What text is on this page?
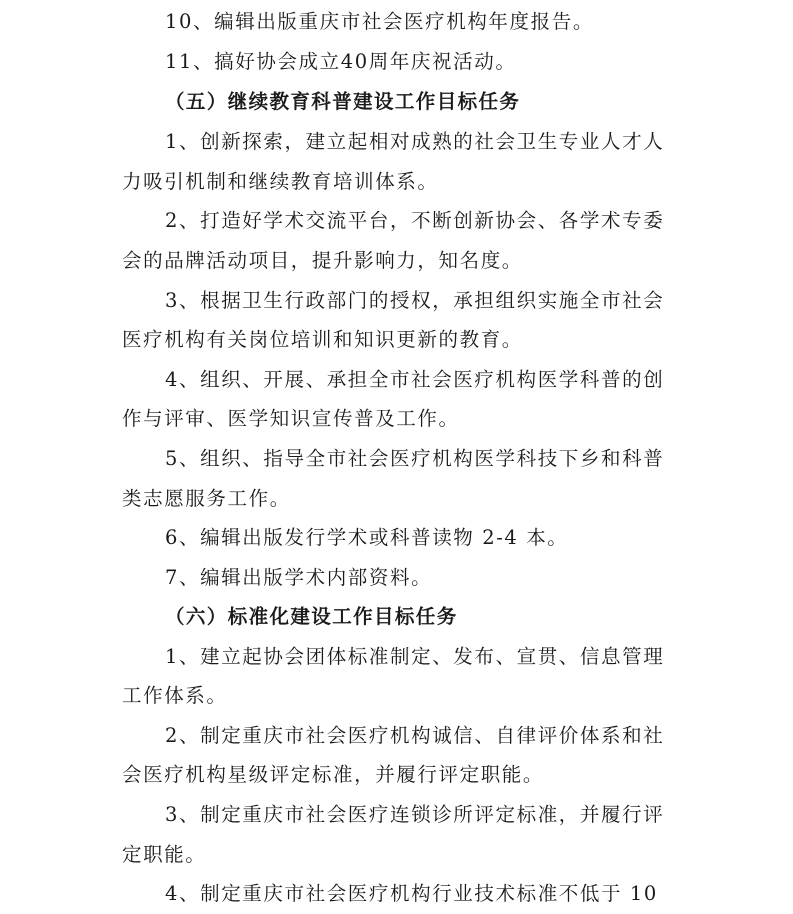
10、编辑出版重庆市社会医疗机构年度报告。
11、搞好协会成立40周年庆祝活动。
（五）继续教育科普建设工作目标任务
1、创新探索，建立起相对成熟的社会卫生专业人才人
力吸引机制和继续教育培训体系。
2、打造好学术交流平台，不断创新协会、各学术专委
会的品牌活动项目，提升影响力，知名度。
3、根据卫生行政部门的授权，承担组织实施全市社会
医疗机构有关岗位培训和知识更新的教育。
4、组织、开展、承担全市社会医疗机构医学科普的创
作与评审、医学知识宣传普及工作。
5、组织、指导全市社会医疗机构医学科技下乡和科普
类志愿服务工作。
6、编辑出版发行学术或科普读物 2-4 本。
7、编辑出版学术内部资料。
（六）标准化建设工作目标任务
1、建立起协会团体标准制定、发布、宣贯、信息管理
工作体系。
2、制定重庆市社会医疗机构诚信、自律评价体系和社
会医疗机构星级评定标准，并履行评定职能。
3、制定重庆市社会医疗连锁诊所评定标准，并履行评
定职能。
4、制定重庆市社会医疗机构行业技术标准不低于 10
